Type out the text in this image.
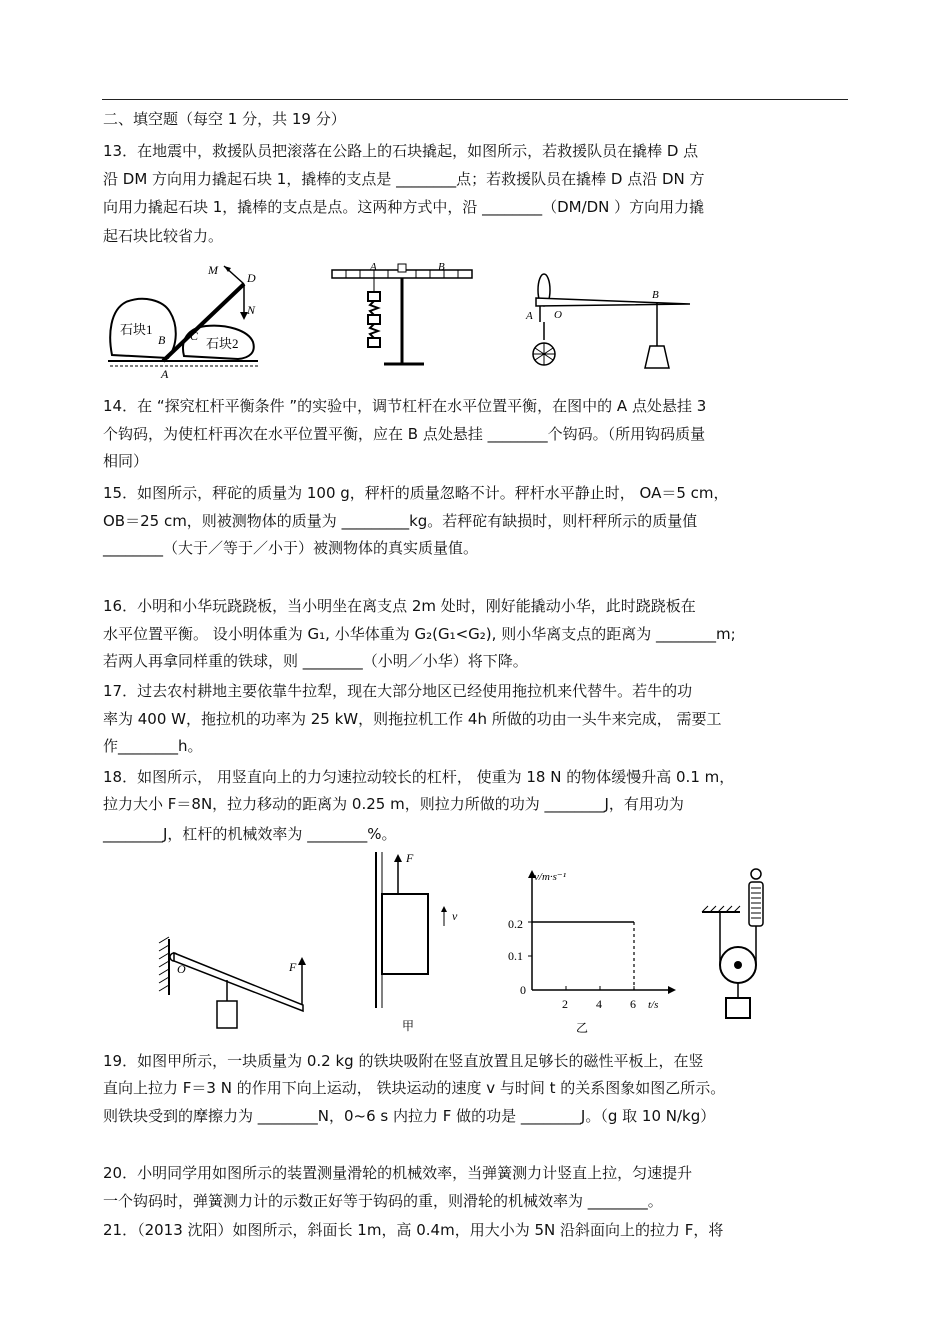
二、填空题（每空 1 分，共 19 分）
13．在地震中，救援队员把滚落在公路上的石块撬起，如图所示，若救援队员在撬棒 D 点
沿 DM 方向用力撬起石块 1，撬棒的支点是 ________点；若救援队员在撬棒 D 点沿 DN 方
向用力撬起石块 1，撬棒的支点是点。这两种方式中，沿 ________（DM/DN ）方向用力撬
起石块比较省力。
M
D
N
石块1
石块2
B C
A
A	B
A O
B
14．在 “探究杠杆平衡条件 ”的实验中，调节杠杆在水平位置平衡，在图中的 A 点处悬挂 3
个钩码，为使杠杆再次在水平位置平衡，应在 B 点处悬挂 ________个钩码。（所用钩码质量
相同）
15．如图所示，秤砣的质量为 100 g，秤杆的质量忽略不计。秤杆水平静止时， OA＝5 cm，
OB＝25 cm，则被测物体的质量为 _________kg。若秤砣有缺损时，则杆秤所示的质量值
________（大于／等于／小于）被测物体的真实质量值。
16．小明和小华玩跷跷板，当小明坐在离支点 2m 处时，刚好能撬动小华，此时跷跷板在
水平位置平衡。 设小明体重为 G₁, 小华体重为 G₂(G₁<G₂), 则小华离支点的距离为 ________m;
若两人再拿同样重的铁球，则 ________（小明／小华）将下降。
17．过去农村耕地主要依靠牛拉犁，现在大部分地区已经使用拖拉机来代替牛。若牛的功
率为 400 W，拖拉机的功率为 25 kW，则拖拉机工作 4h 所做的功由一头牛来完成， 需要工
作________h。
18．如图所示， 用竖直向上的力匀速拉动较长的杠杆， 使重为 18 N 的物体缓慢升高 0.1 m，
拉力大小 F＝8N，拉力移动的距离为 0.25 m，则拉力所做的功为 ________J，有用功为
________J，杠杆的机械效率为 ________%。
O	F
F
v
甲
v/m·s⁻¹
t/s
0.2
0.1
0
2 4 6
乙
19．如图甲所示，一块质量为 0.2 kg 的铁块吸附在竖直放置且足够长的磁性平板上，在竖
直向上拉力 F＝3 N 的作用下向上运动， 铁块运动的速度 v 与时间 t 的关系图象如图乙所示。
则铁块受到的摩擦力为 ________N，0~6 s 内拉力 F 做的功是 ________J。（g 取 10 N/kg）
20．小明同学用如图所示的装置测量滑轮的机械效率，当弹簧测力计竖直上拉，匀速提升
一个钩码时，弹簧测力计的示数正好等于钩码的重，则滑轮的机械效率为 ________。
21．（2013 沈阳）如图所示，斜面长 1m，高 0.4m，用大小为 5N 沿斜面向上的拉力 F，将
